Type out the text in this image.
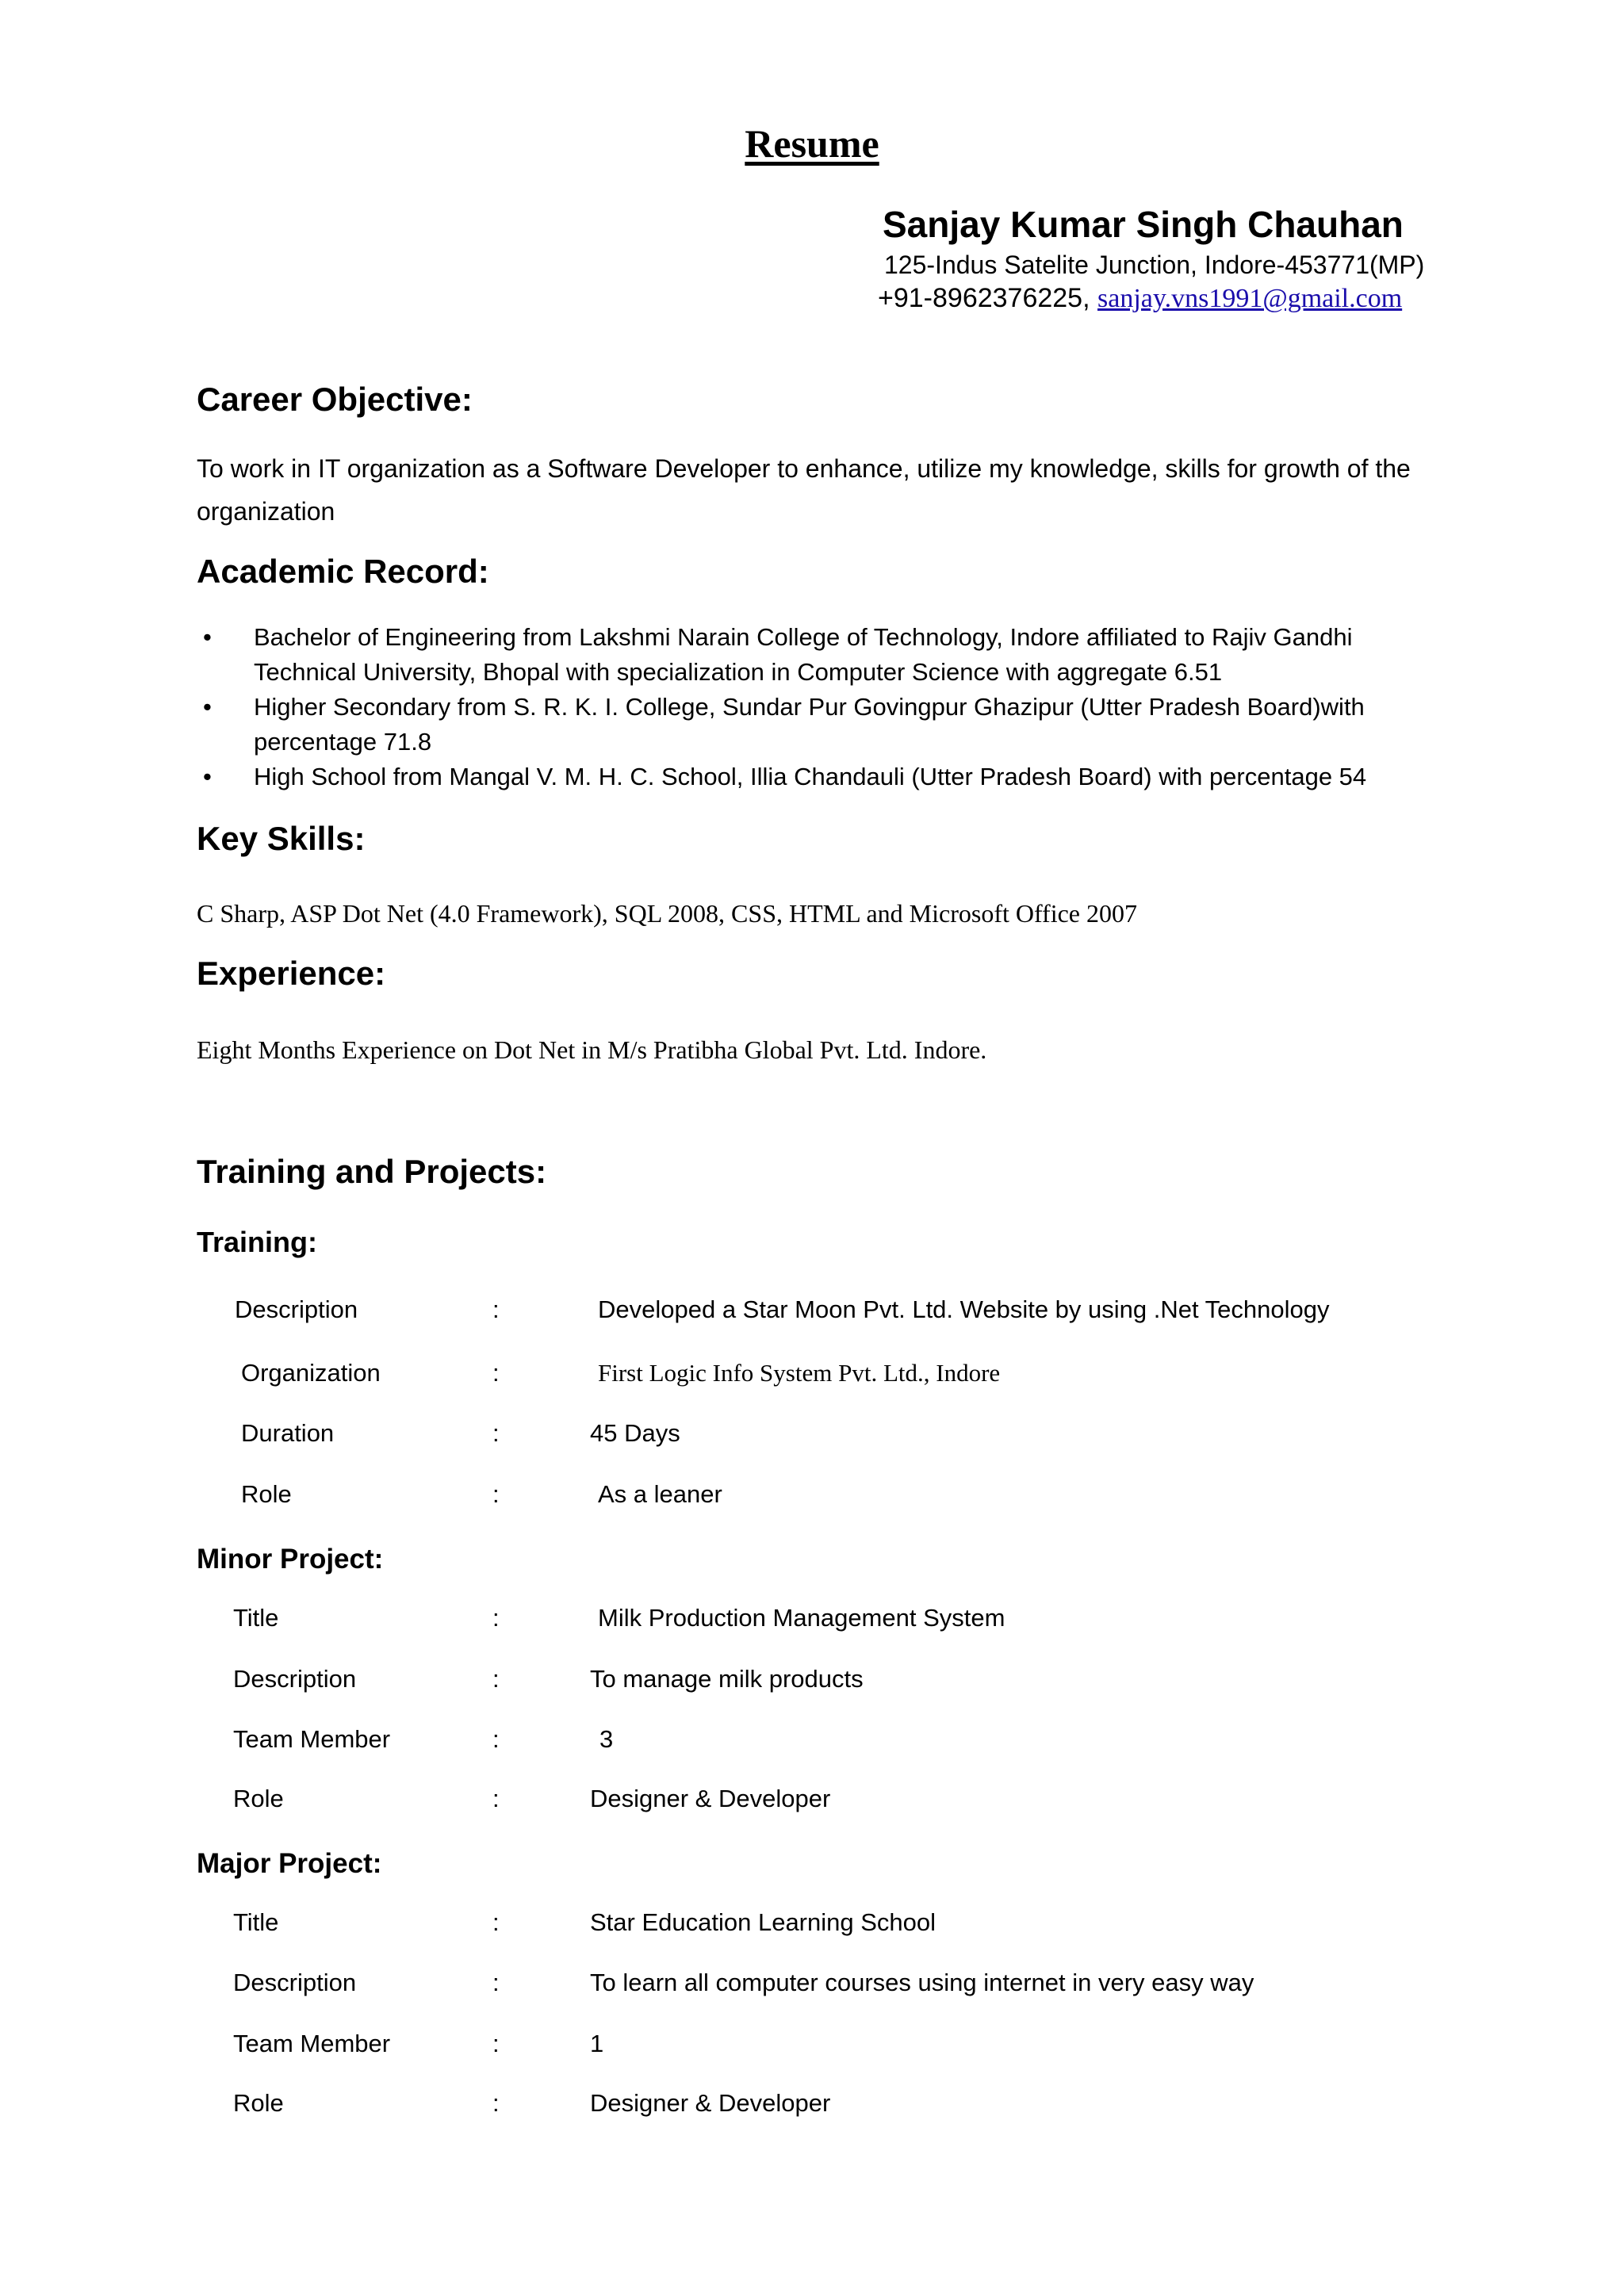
Resume
Sanjay Kumar Singh Chauhan
125-Indus Satelite Junction, Indore-453771(MP)
+91-8962376225, sanjay.vns1991@gmail.com
Career Objective:
To work in IT organization as a Software Developer to enhance, utilize my knowledge, skills for growth of the organization
Academic Record:
• Bachelor of Engineering from Lakshmi Narain College of Technology, Indore affiliated to Rajiv Gandhi Technical University, Bhopal with specialization in Computer Science with aggregate 6.51
• Higher Secondary from S. R. K. I. College, Sundar Pur Govingpur Ghazipur (Utter Pradesh Board)with percentage 71.8
• High School from Mangal V. M. H. C. School, Illia Chandauli (Utter Pradesh Board) with percentage 54
Key Skills:
C Sharp, ASP Dot Net (4.0 Framework), SQL 2008, CSS, HTML and Microsoft Office 2007
Experience:
Eight Months Experience on Dot Net in M/s Pratibha Global Pvt. Ltd. Indore.
Training and Projects:
Training:
Description	:	Developed a Star Moon Pvt. Ltd. Website by using .Net Technology
Organization	:	First Logic Info System Pvt. Ltd., Indore
Duration	:	45 Days
Role	:	As a leaner
Minor Project:
Title	:	Milk Production Management System
Description	:	To manage milk products
Team Member	:	3
Role	:	Designer & Developer
Major Project:
Title	:	Star Education Learning School
Description	:	To learn all computer courses using internet in very easy way
Team Member	:	1
Role	:	Designer & Developer
